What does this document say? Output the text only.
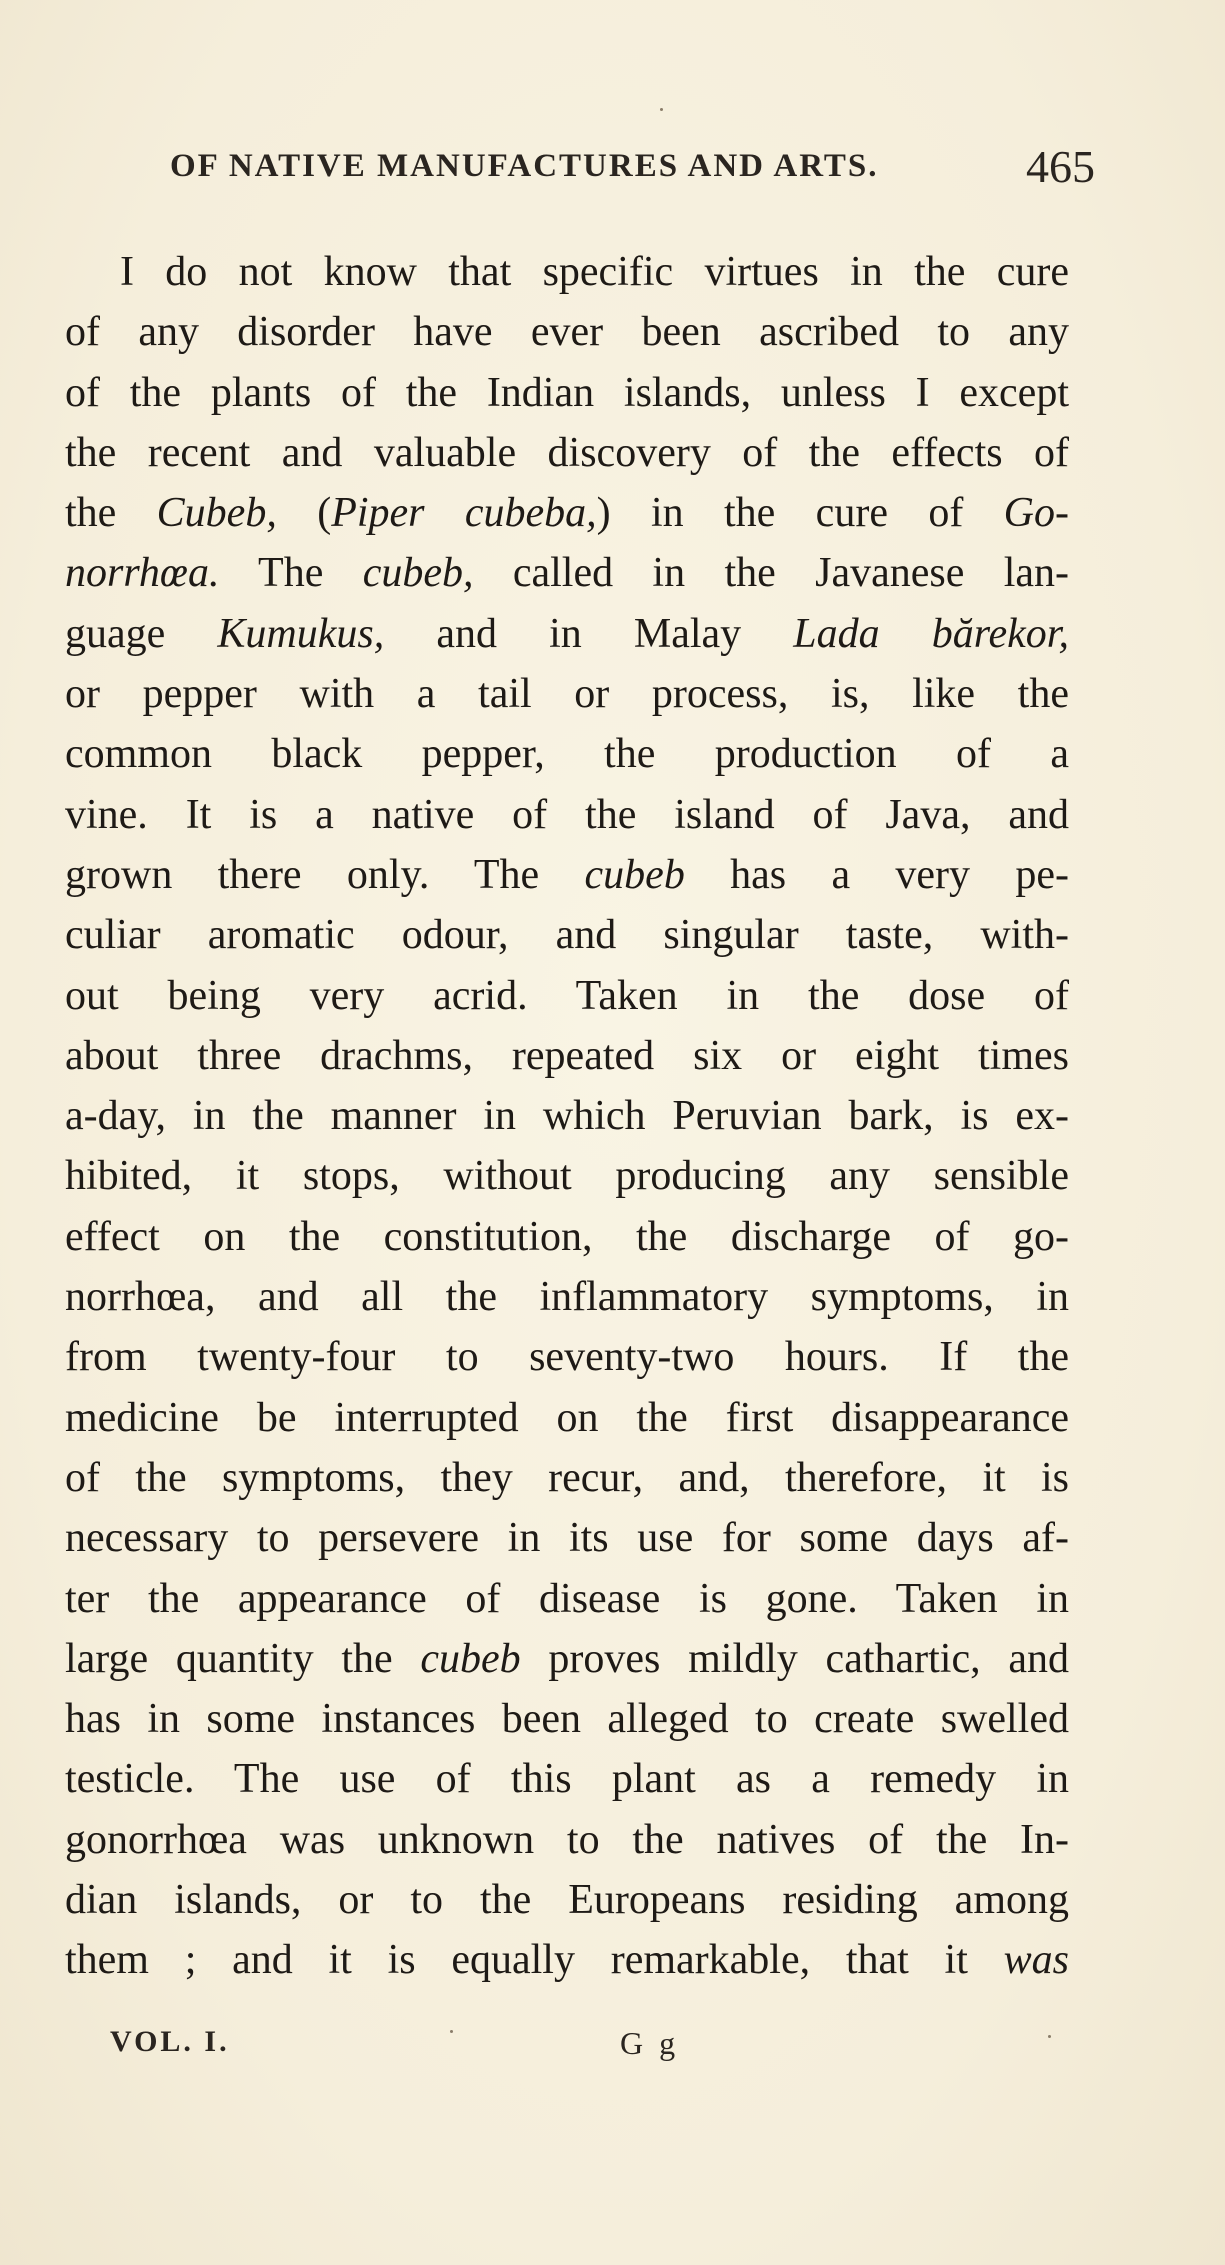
OF NATIVE MANUFACTURES AND ARTS.	465
I do not know that specific virtues in the cure
of any disorder have ever been ascribed to any
of the plants of the Indian islands, unless I except
the recent and valuable discovery of the effects of
the Cubeb, (Piper cubeba,) in the cure of Go-
norrhœa. The cubeb, called in the Javanese lan-
guage Kumukus, and in Malay Lada bărekor,
or pepper with a tail or process, is, like the
common black pepper, the production of a
vine. It is a native of the island of Java, and
grown there only. The cubeb has a very pe-
culiar aromatic odour, and singular taste, with-
out being very acrid. Taken in the dose of
about three drachms, repeated six or eight times
a-day, in the manner in which Peruvian bark, is ex-
hibited, it stops, without producing any sensible
effect on the constitution, the discharge of go-
norrhœa, and all the inflammatory symptoms, in
from twenty-four to seventy-two hours. If the
medicine be interrupted on the first disappearance
of the symptoms, they recur, and, therefore, it is
necessary to persevere in its use for some days af-
ter the appearance of disease is gone. Taken in
large quantity the cubeb proves mildly cathartic, and
has in some instances been alleged to create swelled
testicle. The use of this plant as a remedy in
gonorrhœa was unknown to the natives of the In-
dian islands, or to the Europeans residing among
them ; and it is equally remarkable, that it was
VOL. I.	G g
